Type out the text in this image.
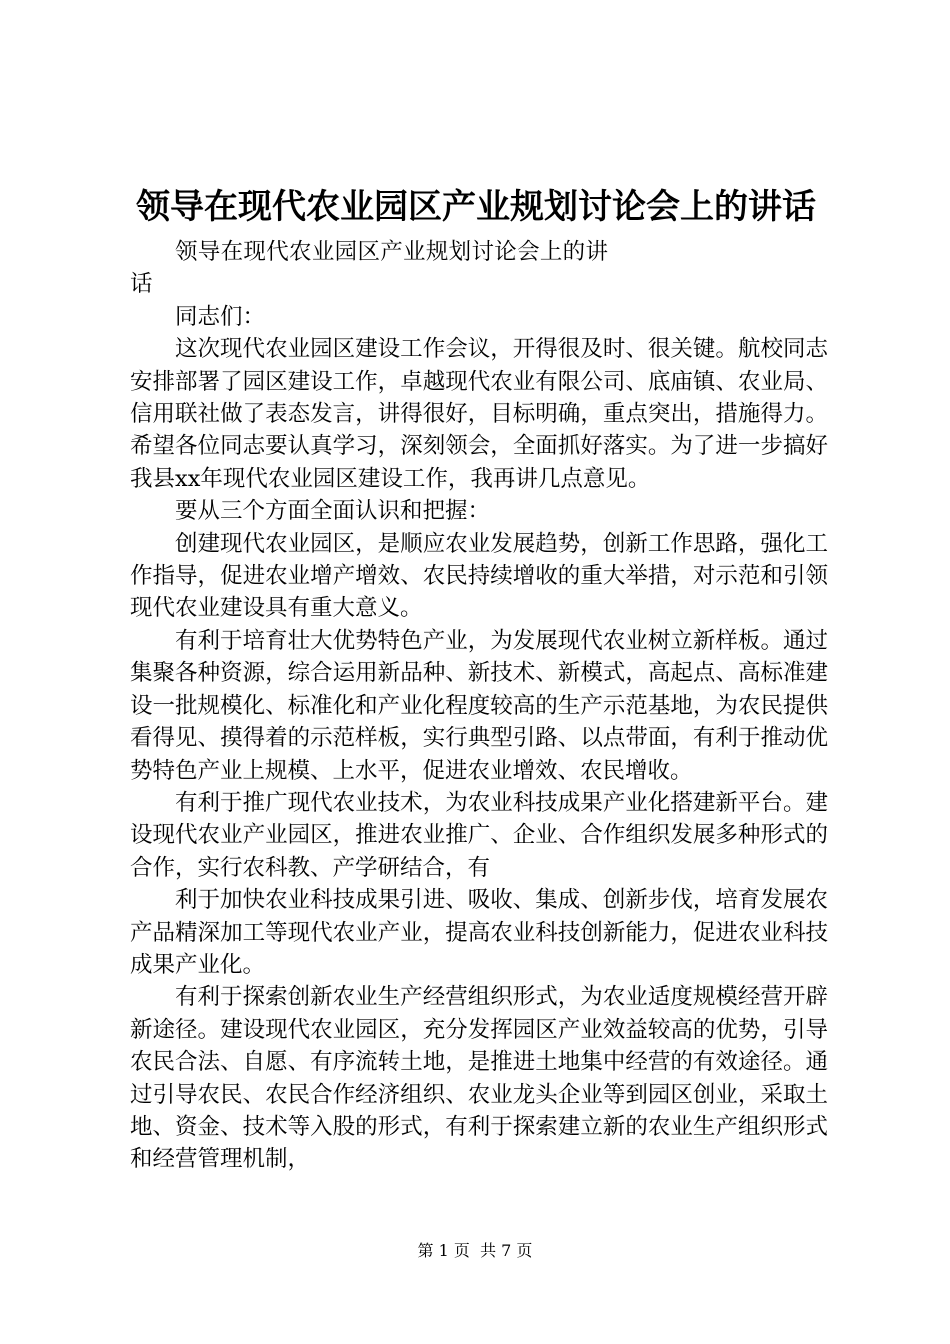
领导在现代农业园区产业规划讨论会上的讲话

领导在现代农业园区产业规划讨论会上的讲话

同志们：

这次现代农业园区建设工作会议，开得很及时、很关键。航校同志安排部署了园区建设工作，卓越现代农业有限公司、底庙镇、农业局、信用联社做了表态发言，讲得很好，目标明确，重点突出，措施得力。希望各位同志要认真学习，深刻领会，全面抓好落实。为了进一步搞好我县xx年现代农业园区建设工作，我再讲几点意见。

要从三个方面全面认识和把握：

创建现代农业园区，是顺应农业发展趋势，创新工作思路，强化工作指导，促进农业增产增效、农民持续增收的重大举措，对示范和引领现代农业建设具有重大意义。

有利于培育壮大优势特色产业，为发展现代农业树立新样板。通过集聚各种资源，综合运用新品种、新技术、新模式，高起点、高标准建设一批规模化、标准化和产业化程度较高的生产示范基地，为农民提供看得见、摸得着的示范样板，实行典型引路、以点带面，有利于推动优势特色产业上规模、上水平，促进农业增效、农民增收。

有利于推广现代农业技术，为农业科技成果产业化搭建新平台。建设现代农业产业园区，推进农业推广、企业、合作组织发展多种形式的合作，实行农科教、产学研结合，有

利于加快农业科技成果引进、吸收、集成、创新步伐，培育发展农产品精深加工等现代农业产业，提高农业科技创新能力，促进农业科技成果产业化。

有利于探索创新农业生产经营组织形式，为农业适度规模经营开辟新途径。建设现代农业园区，充分发挥园区产业效益较高的优势，引导农民合法、自愿、有序流转土地，是推进土地集中经营的有效途径。通过引导农民、农民合作经济组织、农业龙头企业等到园区创业，采取土地、资金、技术等入股的形式，有利于探索建立新的农业生产组织形式和经营管理机制，

第 1 页  共 7 页
